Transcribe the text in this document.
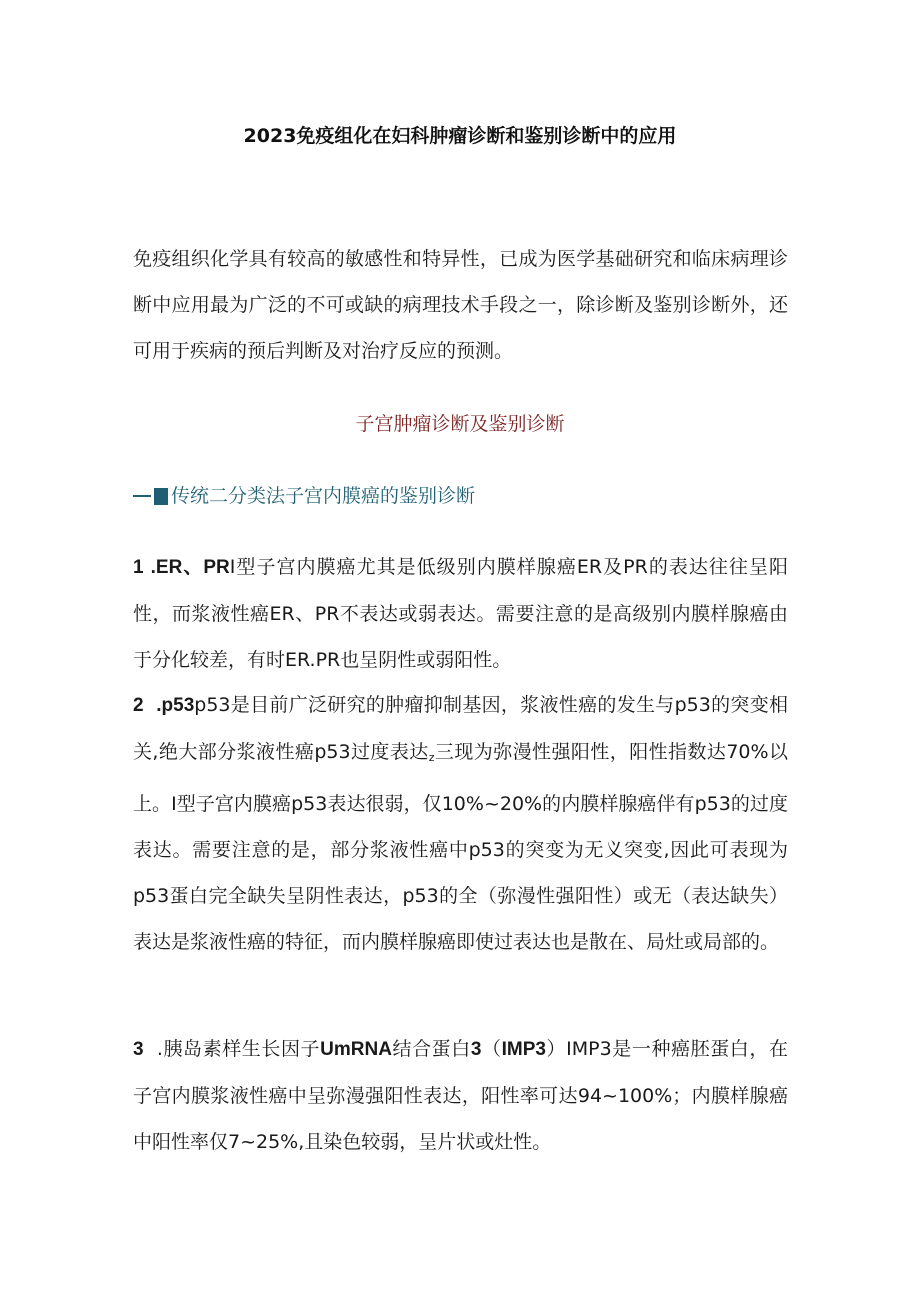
2023免疫组化在妇科肿瘤诊断和鉴别诊断中的应用
免疫组织化学具有较高的敏感性和特异性，已成为医学基础研究和临床病理诊断中应用最为广泛的不可或缺的病理技术手段之一，除诊断及鉴别诊断外，还可用于疾病的预后判断及对治疗反应的预测。
子宫肿瘤诊断及鉴别诊断
传统二分类法子宫内膜癌的鉴别诊断
1 .ER、PRI型子宫内膜癌尤其是低级别内膜样腺癌ER及PR的表达往往呈阳性，而浆液性癌ER、PR不表达或弱表达。需要注意的是高级别内膜样腺癌由于分化较差，有时ER.PR也呈阴性或弱阳性。
2 .p53p53是目前广泛研究的肿瘤抑制基因，浆液性癌的发生与p53的突变相关,绝大部分浆液性癌p53过度表达z三现为弥漫性强阳性，阳性指数达70%以上。I型子宫内膜癌p53表达很弱，仅10%~20%的内膜样腺癌伴有p53的过度表达。需要注意的是，部分浆液性癌中p53的突变为无义突变,因此可表现为p53蛋白完全缺失呈阴性表达，p53的全（弥漫性强阳性）或无（表达缺失）表达是浆液性癌的特征，而内膜样腺癌即使过表达也是散在、局灶或局部的。
3 .胰岛素样生长因子UmRNA结合蛋白3（IMP3）IMP3是一种癌胚蛋白，在子宫内膜浆液性癌中呈弥漫强阳性表达，阳性率可达94~100%；内膜样腺癌中阳性率仅7~25%,且染色较弱，呈片状或灶性。
